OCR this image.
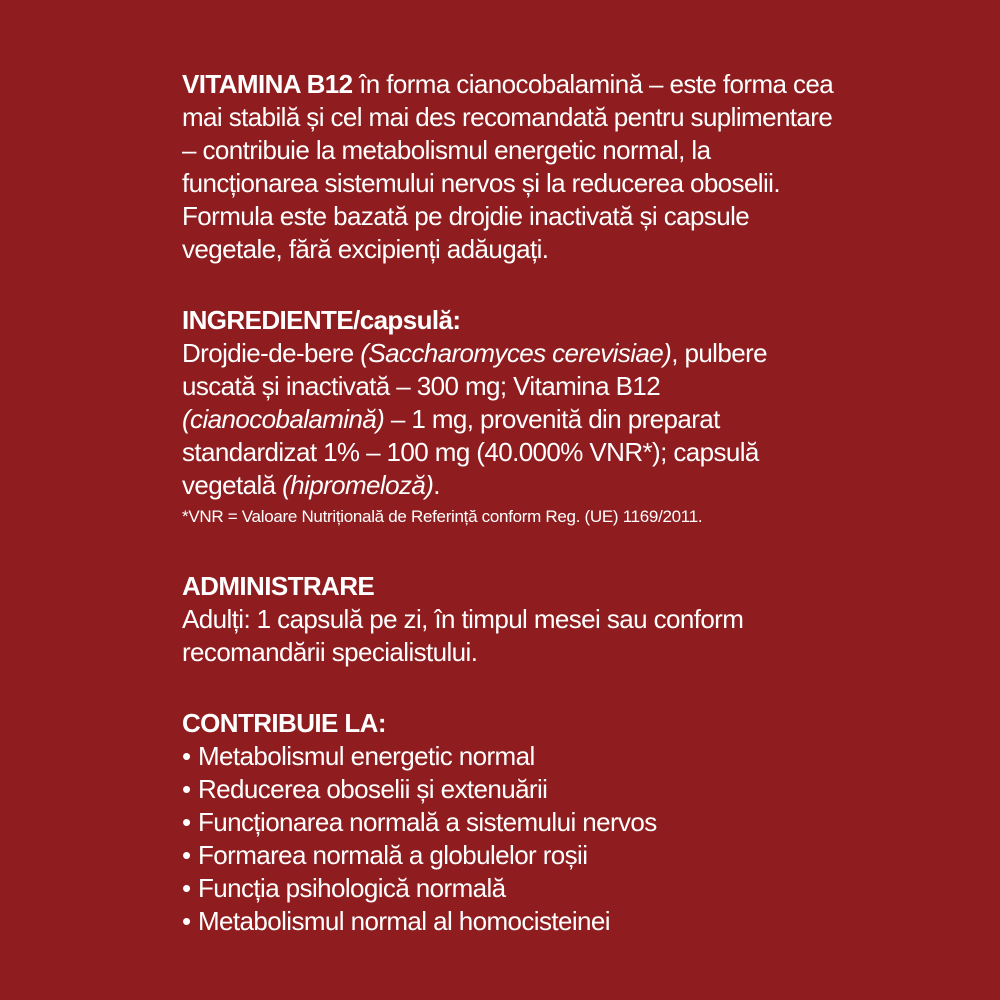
VITAMINA B12 în forma cianocobalamină – este forma cea mai stabilă și cel mai des recomandată pentru suplimentare – contribuie la metabolismul energetic normal, la funcționarea sistemului nervos și la reducerea oboselii. Formula este bazată pe drojdie inactivată și capsule vegetale, fără excipienți adăugați.

INGREDIENTE/capsulă:

Drojdie-de-bere (Saccharomyces cerevisiae), pulbere uscată și inactivată – 300 mg; Vitamina B12 (cianocobalamină) – 1 mg, provenită din preparat standardizat 1% – 100 mg (40.000% VNR*); capsulă vegetală (hipromeloză).

*VNR = Valoare Nutrițională de Referință conform Reg. (UE) 1169/2011.

ADMINISTRARE

Adulți: 1 capsulă pe zi, în timpul mesei sau conform recomandării specialistului.

CONTRIBUIE LA:

• Metabolismul energetic normal
• Reducerea oboselii și extenuării
• Funcționarea normală a sistemului nervos
• Formarea normală a globulelor roșii
• Funcția psihologică normală
• Metabolismul normal al homocisteinei
